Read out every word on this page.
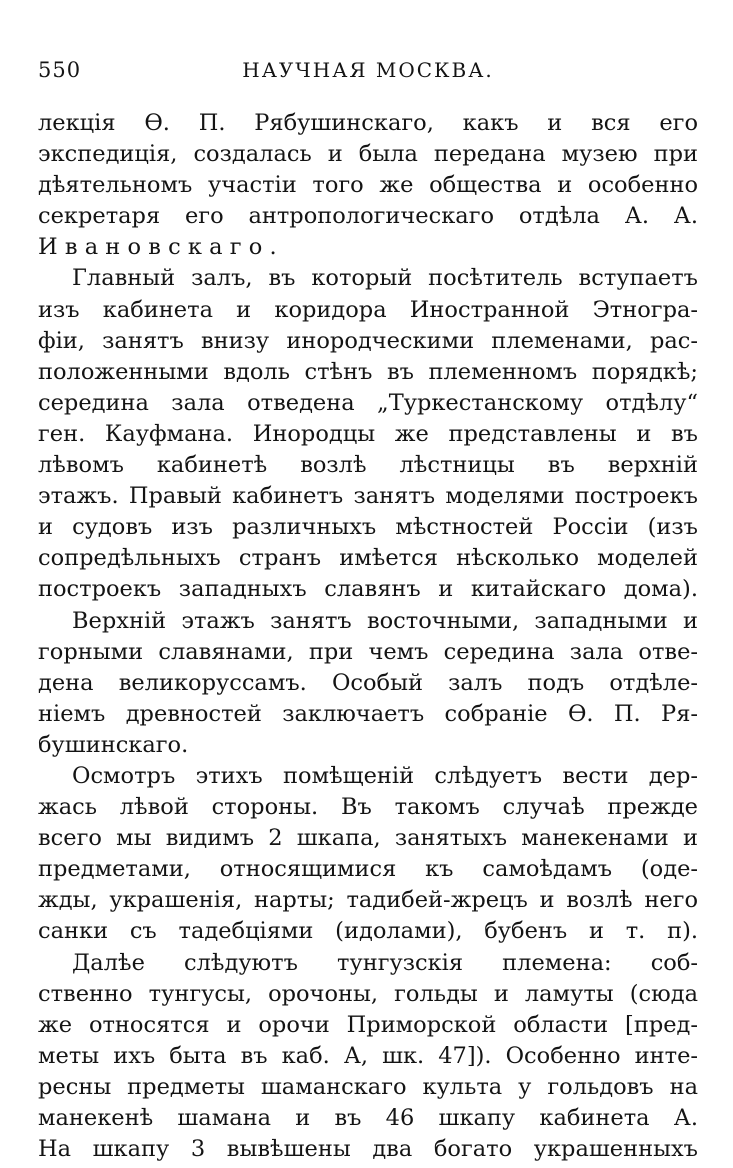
550	НАУЧНАЯ МОСКВА.
лекція Ѳ. П. Рябушинскаго, какъ и вся его
экспедиція, создалась и была передана музею при
дѣятельномъ участіи того же общества и особенно
секретаря его антропологическаго отдѣла А. А.
Ивановскаго.
Главный залъ, въ который посѣтитель вступаетъ
изъ кабинета и коридора Иностранной Этногра-
фіи, занятъ внизу инородческими племенами, рас-
положенными вдоль стѣнъ въ племенномъ порядкѣ;
середина зала отведена „Туркестанскому отдѣлу“
ген. Кауфмана. Инородцы же представлены и въ
лѣвомъ кабинетѣ возлѣ лѣстницы въ верхній
этажъ. Правый кабинетъ занятъ моделями построекъ
и судовъ изъ различныхъ мѣстностей Россіи (изъ
сопредѣльныхъ странъ имѣется нѣсколько моделей
построекъ западныхъ славянъ и китайскаго дома).
Верхній этажъ занятъ восточными, западными и
горными славянами, при чемъ середина зала отве-
дена великоруссамъ. Особый залъ подъ отдѣле-
ніемъ древностей заключаетъ собраніе Ѳ. П. Ря-
бушинскаго.
Осмотръ этихъ помѣщеній слѣдуетъ вести дер-
жась лѣвой стороны. Въ такомъ случаѣ прежде
всего мы видимъ 2 шкапа, занятыхъ манекенами и
предметами, относящимися къ самоѣдамъ (оде-
жды, украшенія, нарты; тадибей-жрецъ и возлѣ него
санки съ тадебціями (идолами), бубенъ и т. п).
Далѣе слѣдуютъ тунгузскія племена: соб-
ственно тунгусы, орочоны, гольды и ламуты (сюда
же относятся и орочи Приморской области [пред-
меты ихъ быта въ каб. А, шк. 47]). Особенно инте-
ресны предметы шаманскаго культа у гольдовъ на
манекенѣ шамана и въ 46 шкапу кабинета А.
На шкапу 3 вывѣшены два богато украшенныхъ
